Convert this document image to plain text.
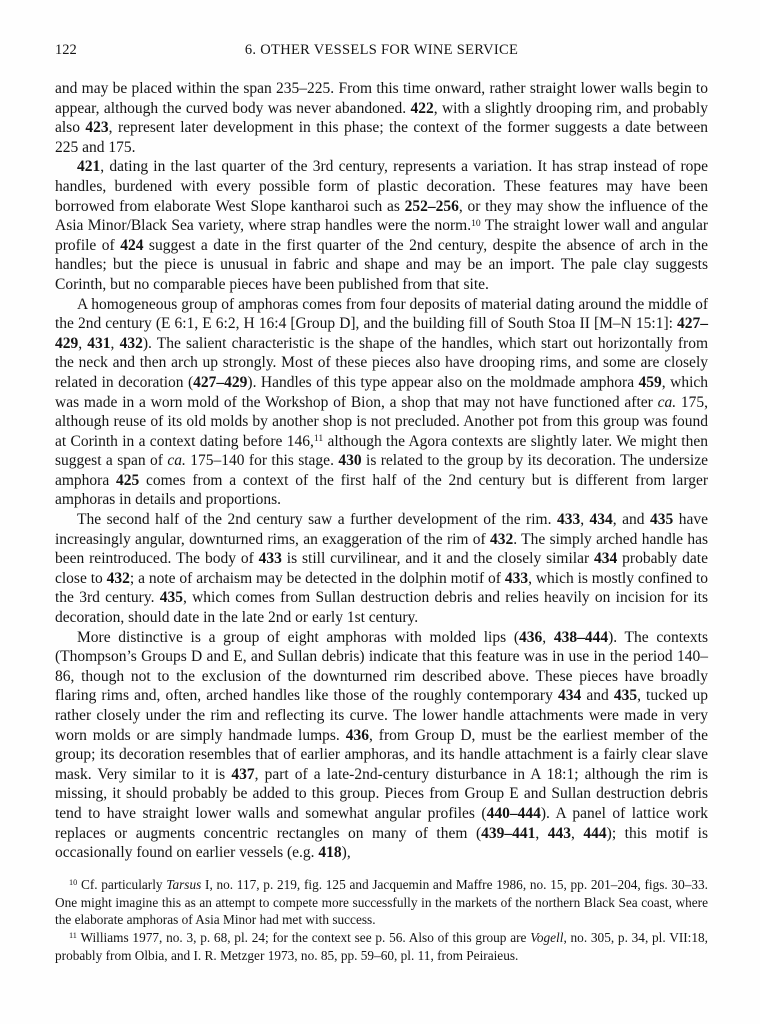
122	6. OTHER VESSELS FOR WINE SERVICE

and may be placed within the span 235–225. From this time onward, rather straight lower walls begin to appear, although the curved body was never abandoned. 422, with a slightly drooping rim, and probably also 423, represent later development in this phase; the context of the former suggests a date between 225 and 175.

421, dating in the last quarter of the 3rd century, represents a variation. It has strap instead of rope handles, burdened with every possible form of plastic decoration. These features may have been borrowed from elaborate West Slope kantharoi such as 252–256, or they may show the influence of the Asia Minor/Black Sea variety, where strap handles were the norm.$^{10}$ The straight lower wall and angular profile of 424 suggest a date in the first quarter of the 2nd century, despite the absence of arch in the handles; but the piece is unusual in fabric and shape and may be an import. The pale clay suggests Corinth, but no comparable pieces have been published from that site.

A homogeneous group of amphoras comes from four deposits of material dating around the middle of the 2nd century (E 6:1, E 6:2, H 16:4 [Group D], and the building fill of South Stoa II [M–N 15:1]: 427–429, 431, 432). The salient characteristic is the shape of the handles, which start out horizontally from the neck and then arch up strongly. Most of these pieces also have drooping rims, and some are closely related in decoration (427–429). Handles of this type appear also on the moldmade amphora 459, which was made in a worn mold of the Workshop of Bion, a shop that may not have functioned after ca. 175, although reuse of its old molds by another shop is not precluded. Another pot from this group was found at Corinth in a context dating before 146,11 although the Agora contexts are slightly later. We might then suggest a span of ca. 175–140 for this stage. 430 is related to the group by its decoration. The undersize amphora 425 comes from a context of the first half of the 2nd century but is different from larger amphoras in details and proportions.

The second half of the 2nd century saw a further development of the rim. 433, 434, and 435 have increasingly angular, downturned rims, an exaggeration of the rim of 432. The simply arched handle has been reintroduced. The body of 433 is still curvilinear, and it and the closely similar 434 probably date close to 432; a note of archaism may be detected in the dolphin motif of 433, which is mostly confined to the 3rd century. 435, which comes from Sullan destruction debris and relies heavily on incision for its decoration, should date in the late 2nd or early 1st century.

More distinctive is a group of eight amphoras with molded lips (436, 438–444). The contexts (Thompson’s Groups D and E, and Sullan debris) indicate that this feature was in use in the period 140–86, though not to the exclusion of the downturned rim described above. These pieces have broadly flaring rims and, often, arched handles like those of the roughly contemporary 434 and 435, tucked up rather closely under the rim and reflecting its curve. The lower handle attachments were made in very worn molds or are simply handmade lumps. 436, from Group D, must be the earliest member of the group; its decoration resembles that of earlier amphoras, and its handle attachment is a fairly clear slave mask. Very similar to it is 437, part of a late-2nd-century disturbance in A 18:1; although the rim is missing, it should probably be added to this group. Pieces from Group E and Sullan destruction debris tend to have straight lower walls and somewhat angular profiles (440–444). A panel of lattice work replaces or augments concentric rectangles on many of them (439–441, 443, 444); this motif is occasionally found on earlier vessels (e.g. 418),

$^{10}$ Cf. particularly Tarsus I, no. 117, p. 219, fig. 125 and Jacquemin and Maffre 1986, no. 15, pp. 201–204, figs. 30–33. One might imagine this as an attempt to compete more successfully in the markets of the northern Black Sea coast, where the elaborate amphoras of Asia Minor had met with success.

$^{11}$ Williams 1977, no. 3, p. 68, pl. 24; for the context see p. 56. Also of this group are Vogell, no. 305, p. 34, pl. VII:18, probably from Olbia, and I. R. Metzger 1973, no. 85, pp. 59–60, pl. 11, from Peiraieus.
